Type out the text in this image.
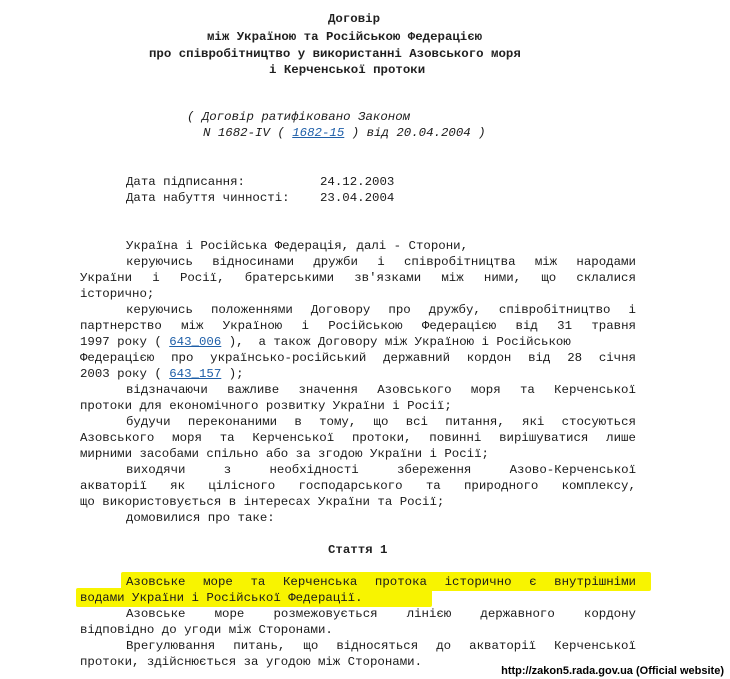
Договір
між Україною та Російською Федерацією
про співробітництво у використанні Азовського моря
і Керченської протоки
( Договір ратифіковано Законом
N 1682-IV ( 1682-15 ) від 20.04.2004 )
Дата підписання:	24.12.2003
Дата набуття чинності: 23.04.2004
Україна і Російська Федерація, далі - Сторони,
керуючись відносинами дружби і співробітництва між народами
України і Росії, братерськими зв'язками між ними, що склалися
історично;
керуючись положеннями Договору про дружбу, співробітництво і
партнерство між Україною і Російською Федерацією від 31 травня
1997 року ( 643_006 ),  а також Договору між Україною і Російською
Федерацією про українсько-російський державний кордон від 28 січня
2003 року ( 643_157 );
відзначаючи важливе значення Азовського моря та Керченської
протоки для економічного розвитку України і Росії;
будучи переконаними в тому, що всі питання, які стосуються
Азовського моря та Керченської протоки, повинні вирішуватися лише
мирними засобами спільно або за згодою України і Росії;
виходячи	з	необхідності	збереження	Азово-Керченської
акваторії як цілісного господарського та природного комплексу,
що використовується в інтересах України та Росії;
домовилися про таке:
Стаття 1
Азовське море та Керченська протока історично є внутрішніми
водами України і Російської Федерації.
Азовське море розмежовується лінією державного кордону
відповідно до угоди між Сторонами.
Врегулювання питань, що відносяться до акваторії Керченської
протоки, здійснюється за угодою між Сторонами.
http://zakon5.rada.gov.ua (Official website)
